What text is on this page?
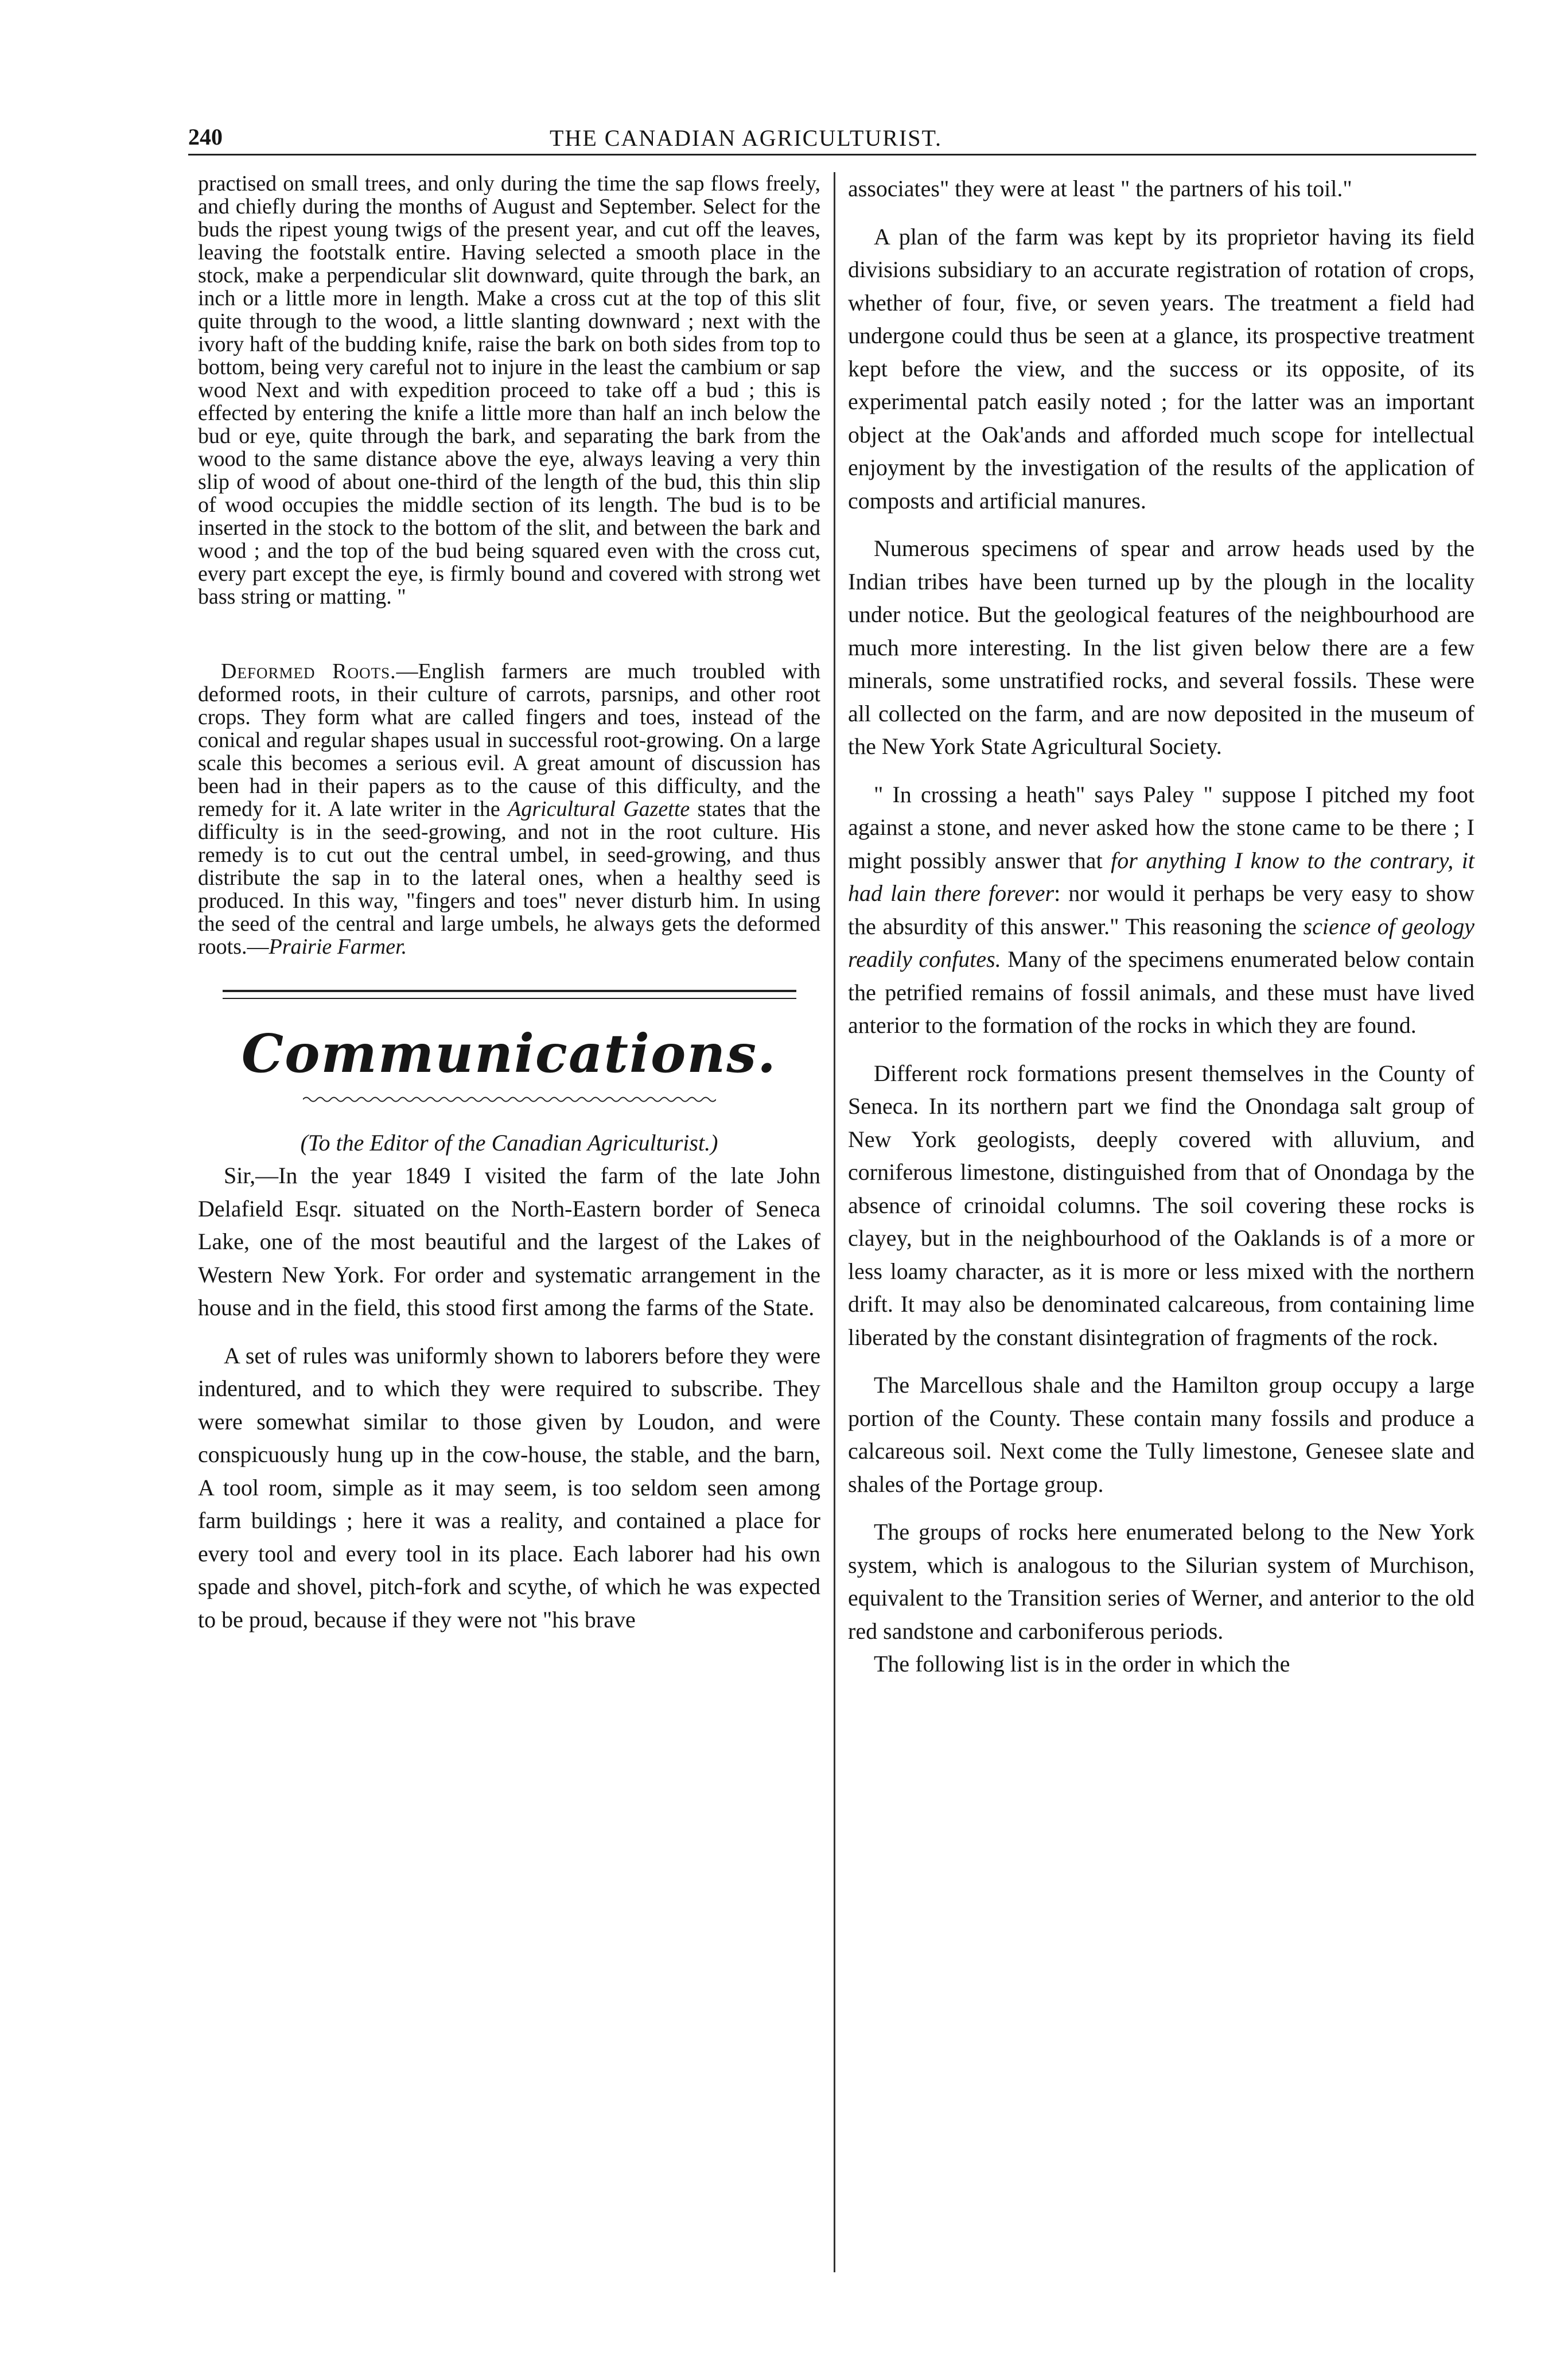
240	THE CANADIAN AGRICULTURIST.

practised on small trees, and only during the time the sap flows freely, and chiefly during the months of August and September. Select for the buds the ripest young twigs of the present year, and cut off the leaves, leaving the footstalk entire. Having selected a smooth place in the stock, make a perpendicular slit downward, quite through the bark, an inch or a little more in length. Make a cross cut at the top of this slit quite through to the wood, a little slanting downward ; next with the ivory haft of the budding knife, raise the bark on both sides from top to bottom, being very careful not to injure in the least the cambium or sap wood Next and with expedition proceed to take off a bud ; this is effected by entering the knife a little more than half an inch below the bud or eye, quite through the bark, and separating the bark from the wood to the same distance above the eye, always leaving a very thin slip of wood of about one-third of the length of the bud, this thin slip of wood occupies the middle section of its length. The bud is to be inserted in the stock to the bottom of the slit, and between the bark and wood ; and the top of the bud being squared even with the cross cut, every part except the eye, is firmly bound and covered with strong wet bass string or matting. "

Deformed Roots.—English farmers are much troubled with deformed roots, in their culture of carrots, parsnips, and other root crops. They form what are called fingers and toes, instead of the conical and regular shapes usual in successful root-growing. On a large scale this becomes a serious evil. A great amount of discussion has been had in their papers as to the cause of this difficulty, and the remedy for it. A late writer in the Agricultural Gazette states that the difficulty is in the seed-growing, and not in the root culture. His remedy is to cut out the central umbel, in seed-growing, and thus distribute the sap in to the lateral ones, when a healthy seed is produced. In this way, "fingers and toes" never disturb him. In using the seed of the central and large umbels, he always gets the deformed roots.—Prairie Farmer.

Communications.

(To the Editor of the Canadian Agriculturist.)

Sir,—In the year 1849 I visited the farm of the late John Delafield Esqr. situated on the North-Eastern border of Seneca Lake, one of the most beautiful and the largest of the Lakes of Western New York. For order and systematic arrangement in the house and in the field, this stood first among the farms of the State.

A set of rules was uniformly shown to laborers before they were indentured, and to which they were required to subscribe. They were somewhat similar to those given by Loudon, and were conspicuously hung up in the cow-house, the stable, and the barn, A tool room, simple as it may seem, is too seldom seen among farm buildings ; here it was a reality, and contained a place for every tool and every tool in its place. Each laborer had his own spade and shovel, pitch-fork and scythe, of which he was expected to be proud, because if they were not "his brave

associates" they were at least " the partners of his toil."

A plan of the farm was kept by its proprietor having its field divisions subsidiary to an accurate registration of rotation of crops, whether of four, five, or seven years. The treatment a field had undergone could thus be seen at a glance, its prospective treatment kept before the view, and the success or its opposite, of its experimental patch easily noted ; for the latter was an important object at the Oak'ands and afforded much scope for intellectual enjoyment by the investigation of the results of the application of composts and artificial manures.

Numerous specimens of spear and arrow heads used by the Indian tribes have been turned up by the plough in the locality under notice. But the geological features of the neighbourhood are much more interesting. In the list given below there are a few minerals, some unstratified rocks, and several fossils. These were all collected on the farm, and are now deposited in the museum of the New York State Agricultural Society.

" In crossing a heath" says Paley " suppose I pitched my foot against a stone, and never asked how the stone came to be there ; I might possibly answer that for anything I know to the contrary, it had lain there forever: nor would it perhaps be very easy to show the absurdity of this answer." This reasoning the science of geology readily confutes. Many of the specimens enumerated below contain the petrified remains of fossil animals, and these must have lived anterior to the formation of the rocks in which they are found.

Different rock formations present themselves in the County of Seneca. In its northern part we find the Onondaga salt group of New York geologists, deeply covered with alluvium, and corniferous limestone, distinguished from that of Onondaga by the absence of crinoidal columns. The soil covering these rocks is clayey, but in the neighbourhood of the Oaklands is of a more or less loamy character, as it is more or less mixed with the northern drift. It may also be denominated calcareous, from containing lime liberated by the constant disintegration of fragments of the rock.

The Marcellous shale and the Hamilton group occupy a large portion of the County. These contain many fossils and produce a calcareous soil. Next come the Tully limestone, Genesee slate and shales of the Portage group.

The groups of rocks here enumerated belong to the New York system, which is analogous to the Silurian system of Murchison, equivalent to the Transition series of Werner, and anterior to the old red sandstone and carboniferous periods.

The following list is in the order in which the
